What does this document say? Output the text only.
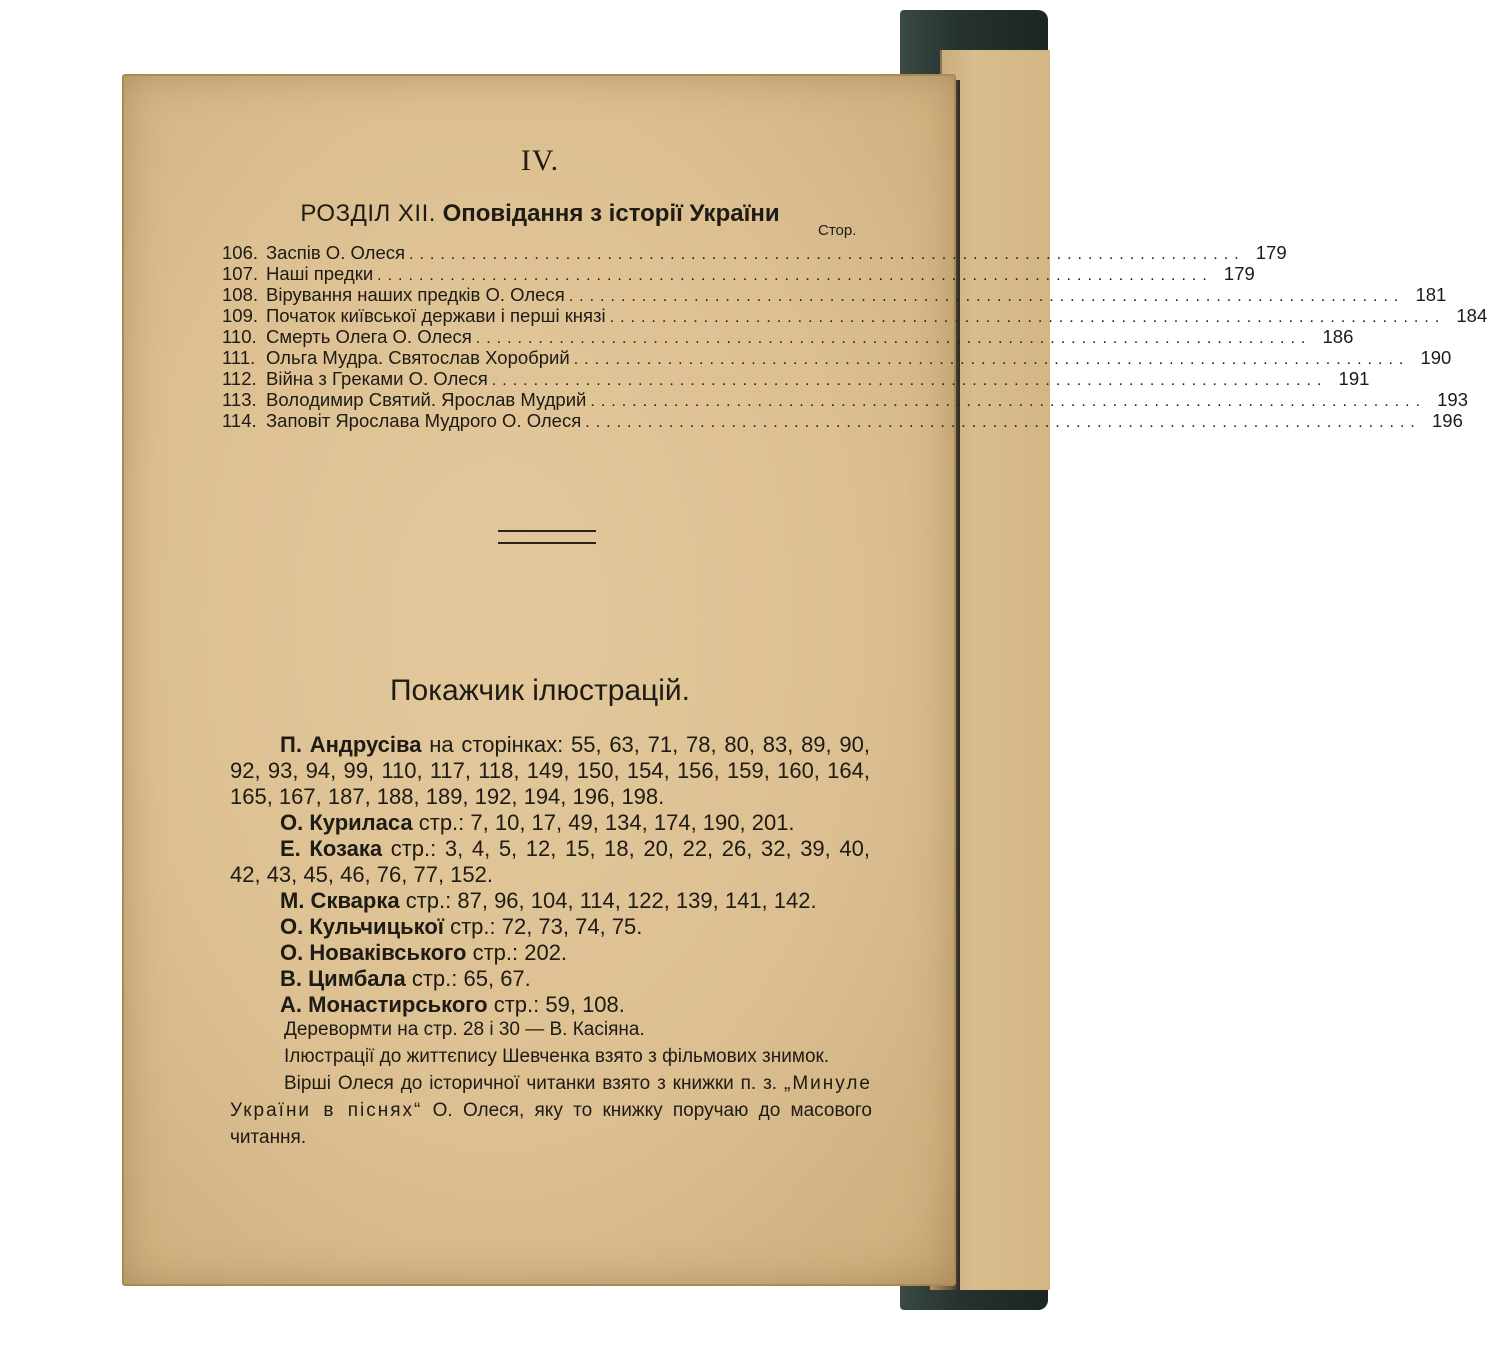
IV.
РОЗДІЛ XII. Оповідання з історії України
Стор.
106. Заспів О. Олеся ................................................................................ 179
107. Наші предки ................................................................................ 179
108. Вірування наших предків О. Олеся ................................................................................ 181
109. Початок київської держави і перші князі ................................................................................ 184
110. Смерть Олега О. Олеся ................................................................................ 186
111. Ольга Мудра. Святослав Хоробрий ................................................................................ 190
112. Війна з Греками О. Олеся ................................................................................ 191
113. Володимир Святий. Ярослав Мудрий ................................................................................ 193
114. Заповіт Ярослава Мудрого О. Олеся ................................................................................ 196
Покажчик ілюстрацій.

П. Андрусіва на сторінках: 55, 63, 71, 78, 80, 83, 89, 90, 92, 93, 94, 99, 110, 117, 118, 149, 150, 154, 156, 159, 160, 164, 165, 167, 187, 188, 189, 192, 194, 196, 198.

О. Куриласа стр.: 7, 10, 17, 49, 134, 174, 190, 201.

Е. Козака стр.: 3, 4, 5, 12, 15, 18, 20, 22, 26, 32, 39, 40, 42, 43, 45, 46, 76, 77, 152.

М. Скварка стр.: 87, 96, 104, 114, 122, 139, 141, 142.

О. Кульчицької стр.: 72, 73, 74, 75.

О. Новаківського стр.: 202.

В. Цимбала стр.: 65, 67.

А. Монастирського стр.: 59, 108.

Деревормти на стр. 28 і 30 — В. Касіяна.

Ілюстрації до життєпису Шевченка взято з фільмових знимок.

Вірші Олеся до історичної читанки взято з книжки п. з. „Минуле України в піснях“ О. Олеся, яку то книжку поручаю до масового читання.
